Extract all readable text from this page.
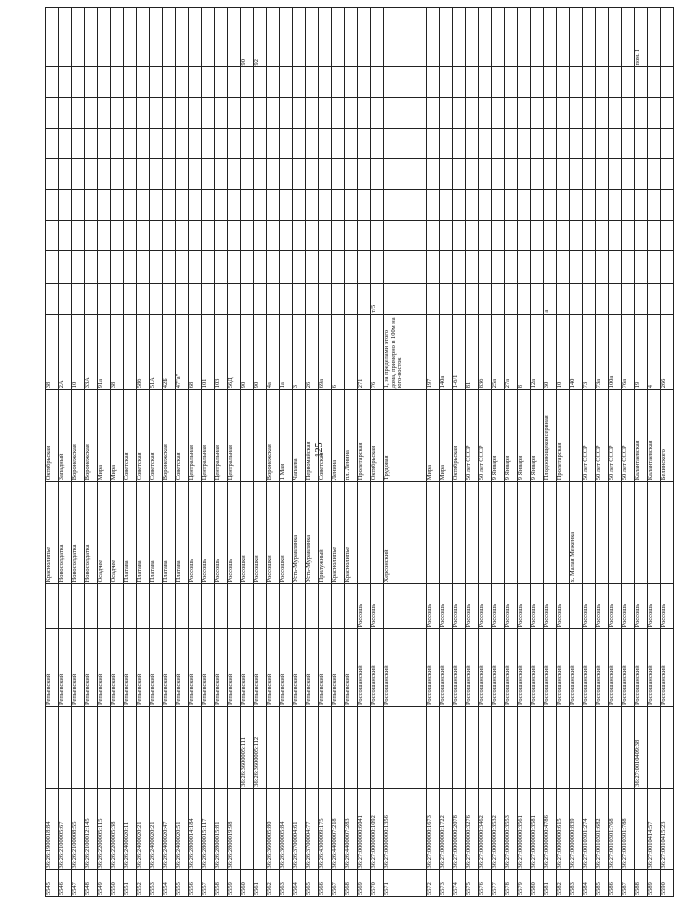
125
5545	36:26:1900018:84		Репьевский		Краснолипье	Октябрьская	38									
5546	36:26:2100005:67		Репьевский		Новосолдатка	Западный	2А									
5547	36:26:2100008:55		Репьевский		Новосолдатка	Воронежская	10									
5548	36:26:2100012:145		Репьевский		Новосолдатка	Воронежская	33А									
5549	36:26:2200005:115		Репьевский		Осадчее	Мира	91а									
5550	36:26:2200005:38		Репьевский		Осадчее	Мира	38									
5551	36:26:2400020:11		Репьевский		Платава	Советская										
5552	36:26:2400020:21		Репьевский		Платава	Советская	58б									
5553	36:26:2400020:21		Репьевский		Платава	Советская	51А									
5554	36:26:2400020:47		Репьевский		Платава	Воронежская	42Б									
5555	36:26:2400020:51		Репьевский		Платава	Советская	47"а"									
5556	36:26:2800014:184		Репьевский		Россошь	Центральная	68									
5557	36:26:2800015:117		Репьевский		Россошь	Центральная	101									
5558	36:26:2800015:81		Репьевский		Россошь	Центральная	103									
5559	36:26:2800019:98		Репьевский		Россошь	Центральная	56Д									
5560		36:26:3600005:111	Репьевский		Россошки		90									90
5561		36:26:3600005:112	Репьевский		Россошки		90									92
5562	36:26:3600005:80		Репьевский		Россошки	Воронежская	4а									
5563	36:26:3600005:84		Репьевский		Россошки	1 Мая	1а									
5564	36:26:3700004:61		Репьевский		Усть-Муравлянка	Чапаева	3									
5565	36:26:3700004:77		Репьевский		Усть-Муравлянка	Первомайская	26									
5566	36:26:4300009:175		Репьевский		Прилужный	Советская	69а									
5567	36:26:4400007:218		Репьевский		Краснолипье	Ленина	6									
5568	36:26:4400007:283		Репьевский		Краснолипье	пл. Ленина										
5569	36:27:0000000:6041		Россошанский	Россошь		Пролетарская	271									
5570	36:27:0000000:1092		Россошанский	Россошь		Октябрьская	76	т/5								
5571	36:27:0000000:1356		Россошанский		Херсонский	Трудовая	1, за пределами этого дома, примерно в 100м на юго-восток									
5572	36:27:0000000:1673		Россошанский	Россошь		Мира	197									
5573	36:27:0000000:1722		Россошанский	Россошь		Мира	140а									
5574	36:27:0000000:2078		Россошанский	Россошь		Октябрьская	1-б/1									
5575	36:27:0000000:3276		Россошанский	Россошь		50 лет СССР	81									
5576	36:27:0000000:3462		Россошанский	Россошь		50 лет СССР	83б									
5577	36:27:0000000:3532		Россошанский	Россошь		9 Января	25а									
5578	36:27:0000000:3553		Россошанский	Россошь		9 Января	27а									
5579	36:27:0000000:3561		Россошанский	Россошь		9 Января	8									
5580	36:27:0000000:3581		Россошанский	Россошь		9 Января	12а									
5581	36:27:0000000:4786		Россошанский	Россошь		Плодоовощеконсервная	30	а								
5582	36:27:0000000:615		Россошанский	Россошь		Пролетарская	10									
5583	36:27:0000000:839		Россошанский		х. Малая Меженка		140									
5584	36:27:0010301:274		Россошанский	Россошь		50 лет СССР	73									
5585	36:27:0010301:682		Россошанский	Россошь		50 лет СССР	73а									
5586	36:27:0010301:768		Россошанский	Россошь		50 лет СССР	100а									
5587	36:27:0010301:788		Россошанский	Россошь		50 лет СССР	76а									
5588		36:27:0010409:38	Россошанский	Россошь		Калантаевская	19									пом. I
5589	36:27:0010414:57		Россошанский	Россошь		Калантаевская	4									
5590	36:27:0010415:23		Россошанский	Россошь		Белинского	266									
